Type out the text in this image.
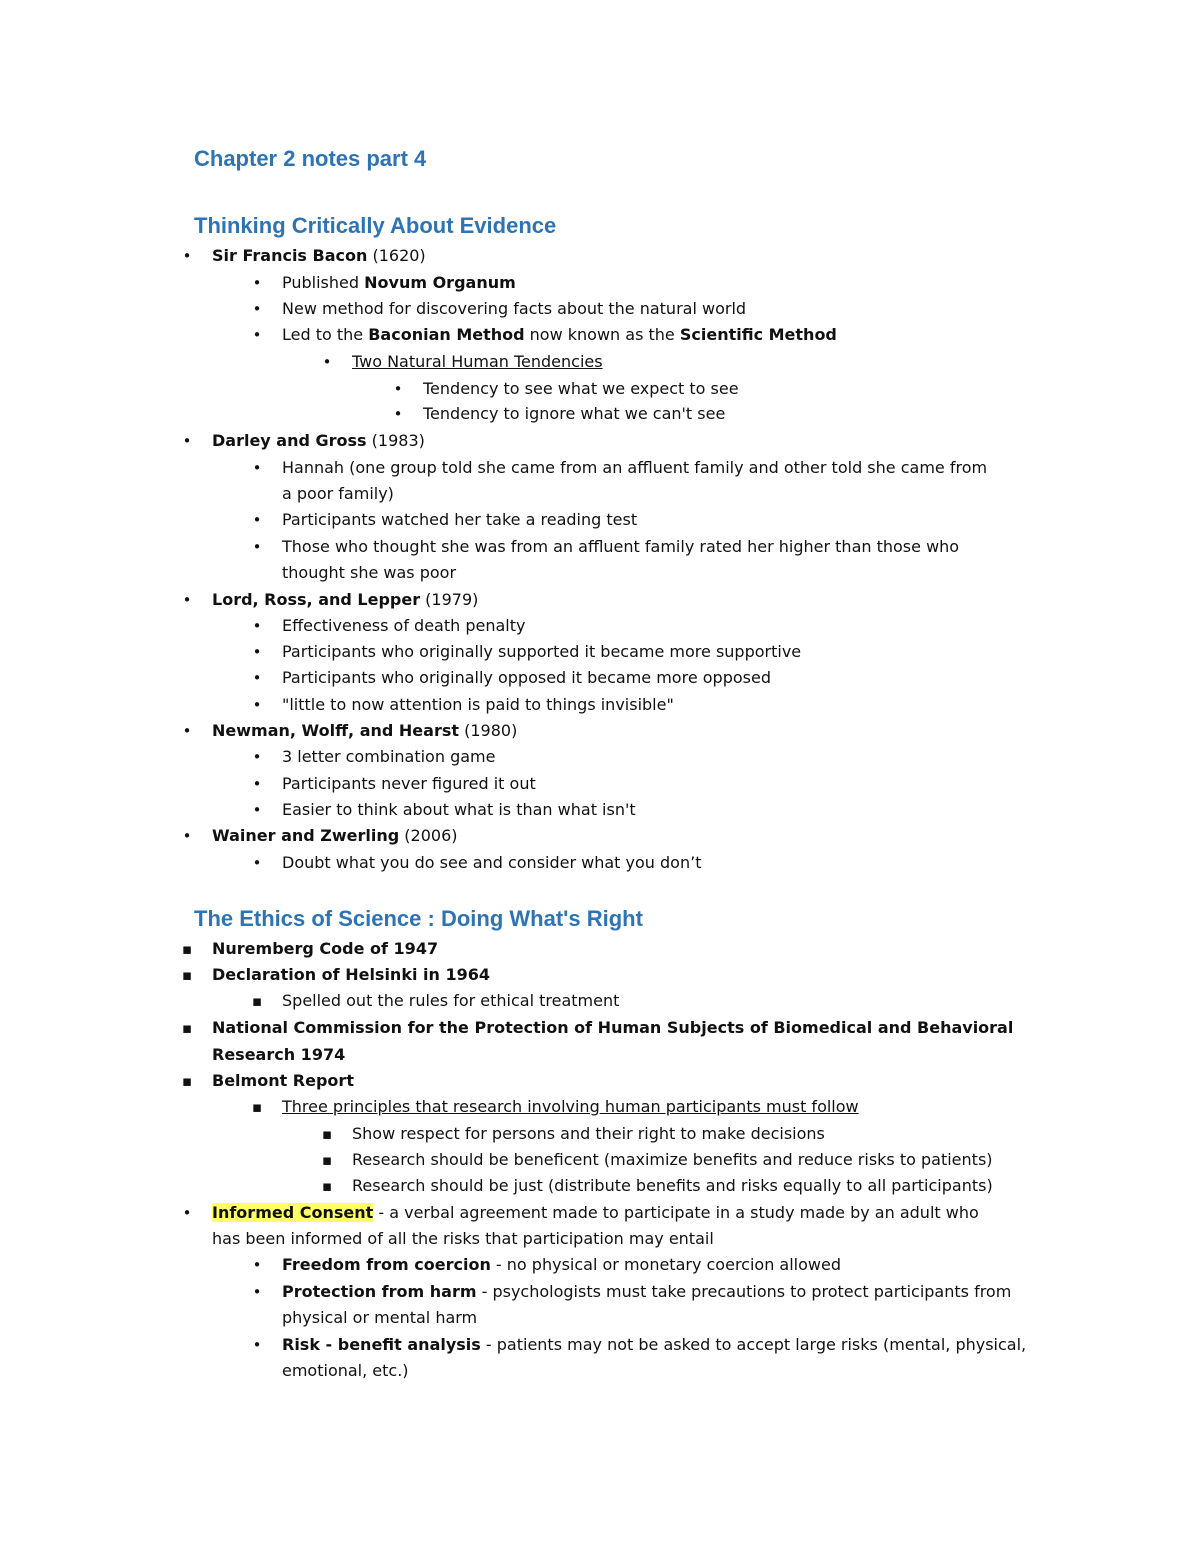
Chapter 2 notes part 4
Thinking Critically About Evidence
•	Sir Francis Bacon (1620)
•	Published Novum Organum
•	New method for discovering facts about the natural world
•	Led to the Baconian Method now known as the Scientific Method
•	Two Natural Human Tendencies
•	Tendency to see what we expect to see
•	Tendency to ignore what we can't see
•	Darley and Gross (1983)
•	Hannah (one group told she came from an affluent family and other told she came from
a poor family)
•	Participants watched her take a reading test
•	Those who thought she was from an affluent family rated her higher than those who
thought she was poor
•	Lord, Ross, and Lepper (1979)
•	Effectiveness of death penalty
•	Participants who originally supported it became more supportive
•	Participants who originally opposed it became more opposed
•	"little to now attention is paid to things invisible"
•	Newman, Wolff, and Hearst (1980)
•	3 letter combination game
•	Participants never figured it out
•	Easier to think about what is than what isn't
•	Wainer and Zwerling (2006)
•	Doubt what you do see and consider what you don’t
The Ethics of Science : Doing What's Right
▪	Nuremberg Code of 1947
▪	Declaration of Helsinki in 1964
▪	Spelled out the rules for ethical treatment
▪	National Commission for the Protection of Human Subjects of Biomedical and Behavioral
Research 1974
▪	Belmont Report
▪	Three principles that research involving human participants must follow
▪	Show respect for persons and their right to make decisions
▪	Research should be beneficent (maximize benefits and reduce risks to patients)
▪	Research should be just (distribute benefits and risks equally to all participants)
•	Informed Consent - a verbal agreement made to participate in a study made by an adult who
has been informed of all the risks that participation may entail
•	Freedom from coercion - no physical or monetary coercion allowed
•	Protection from harm - psychologists must take precautions to protect participants from
physical or mental harm
•	Risk - benefit analysis - patients may not be asked to accept large risks (mental, physical,
emotional, etc.)
